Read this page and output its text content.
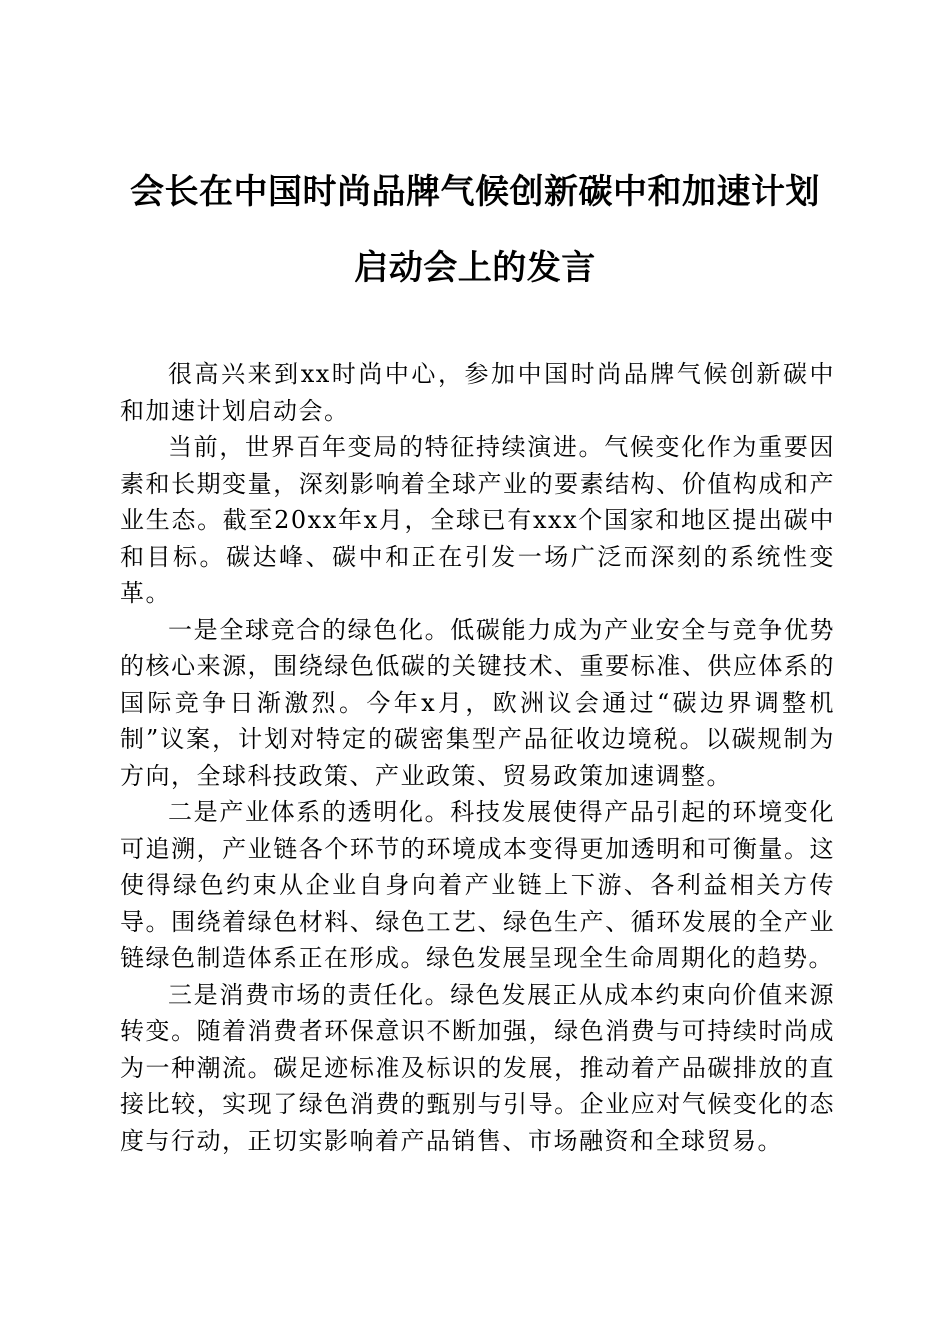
会长在中国时尚品牌气候创新碳中和加速计划
启动会上的发言

很高兴来到xx时尚中心，参加中国时尚品牌气候创新碳中和加速计划启动会。

当前，世界百年变局的特征持续演进。气候变化作为重要因素和长期变量，深刻影响着全球产业的要素结构、价值构成和产业生态。截至20xx年x月，全球已有xxx个国家和地区提出碳中和目标。碳达峰、碳中和正在引发一场广泛而深刻的系统性变革。

一是全球竞合的绿色化。低碳能力成为产业安全与竞争优势的核心来源，围绕绿色低碳的关键技术、重要标准、供应体系的国际竞争日渐激烈。今年x月，欧洲议会通过“碳边界调整机制”议案，计划对特定的碳密集型产品征收边境税。以碳规制为方向，全球科技政策、产业政策、贸易政策加速调整。

二是产业体系的透明化。科技发展使得产品引起的环境变化可追溯，产业链各个环节的环境成本变得更加透明和可衡量。这使得绿色约束从企业自身向着产业链上下游、各利益相关方传导。围绕着绿色材料、绿色工艺、绿色生产、循环发展的全产业链绿色制造体系正在形成。绿色发展呈现全生命周期化的趋势。

三是消费市场的责任化。绿色发展正从成本约束向价值来源转变。随着消费者环保意识不断加强，绿色消费与可持续时尚成为一种潮流。碳足迹标准及标识的发展，推动着产品碳排放的直接比较，实现了绿色消费的甄别与引导。企业应对气候变化的态度与行动，正切实影响着产品销售、市场融资和全球贸易。
